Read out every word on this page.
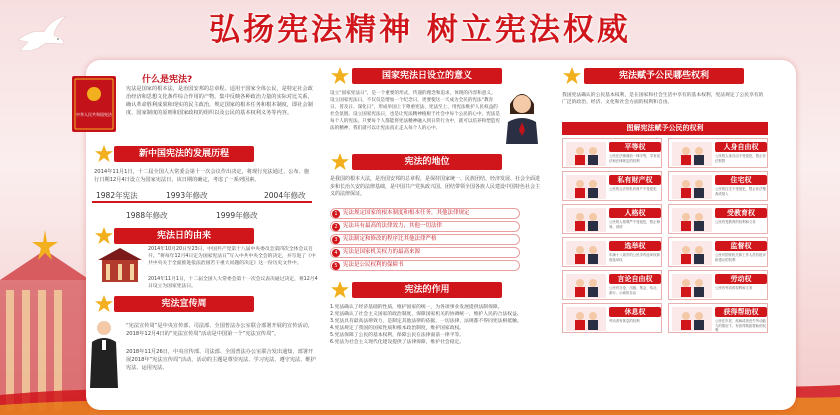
弘扬宪法精神 树立宪法权威
中华人民共和国宪法
什么是宪法?
宪法是国家的根本法，是治国安邦的总章程。适用于国家全体公民，是特定社会政治经济和思想文化条件综合作用的产物。集中反映各种政治力量的实际对比关系，确认革命胜利成果和现实的民主政治，规定国家的根本任务和根本制度，即社会制度、国家制度的原则和国家政权的组织以及公民的基本权利义务等内容。
新中国宪法的发展历程
2014年11月1日，十二届全国人大常委会第十一次会议作出决定，将现行宪法通过、公布、施行日期12月4日设立为国家宪法日，该日期的确定，考虑了一系列因素。
1982年宪法
1988年修改
1993年修改
1999年修改
2004年修改
宪法日的由来
2014年10月20日至23日，中国共产党第十八届中央委员会第四次全体会议召开。“将每年12月4日定为国家宪法日”写入中共中央全会的决定，并写进了《中共中央关于全面推进依法治国若干重大问题的决定》这一份历史文件中。
2014年11月1日，十二届全国人大常委会第十一次会议表决通过决定，将12月4日设立为国家宪法日。
宪法宣传周
“宪法宣传周”是中央宣传部、司法部、全国普法办公室联合部署开展的宣传活动，2018年12月4日的“宪法宣传周”活动是中国第一个“宪法宣传周”。
2018年11月26日，中央宣传部、司法部、全国普法办公室联合发出通知，部署开展2018年“宪法宣传周”活动，活动的主题是尊崇宪法、学习宪法、遵守宪法、维护宪法、运用宪法。
国家宪法日设立的意义
设立“国家宪法日”，是一个重要的形式，传递的理念和追求，体现的内容和意义。设立国家宪法日，不仅仅是增加一个纪念日，更要使这一天成为全民的宪法“教育日、普及日、深化日”，形成举国上下尊重宪法、宪法至上、用宪法维护人民权益的社会氛围。设立国家宪法日，也是让宪法精神植根于社会中每个公民的心中。宪法是每个人的宪法。只要每个人都能将宪法精神融入到日常行为中，就可以培养和塑造宪法的精神，我们就可以让宪法真正走入每个人的心中。
宪法的地位
是我国的根本大法，是治国安邦的总章程，是保持国家统一、民族团结、经济发展、社会全面进步和长治久安的法律基础，是中国共产党执政兴国、团结带领全国各族人民建设中国特色社会主义的法律保证。
1 宪法规定国家的根本制度和根本任务，其他法律规定
2 宪法具有最高的法律效力，其他一切法律
3 宪法制定和修改的程序比其他法律严格
4 宪法是国家机关权力的最高来源
5 宪法是公民权利的保障书
宪法的作用
1.宪法确认了经济基础的性质，维护国家的统一，为各项事业发展提供法制保障。
2.宪法确认了社会主义国家的政治制度，保障国家机关的协调统一，维护人民的合法权益。
3.宪法具有最高法律效力，是制定其他法律的依据，一切法律、法规都不得同宪法相抵触。
4.宪法规定了我国的国家性质和根本政治制度，维护国家政权。
5.宪法保障了公民的基本权利，保障公民在法律面前一律平等。
6.宪法为社会主义现代化建设提供了法律保障，维护社会稳定。
宪法赋予公民哪些权利
我国宪法确认的公民基本权利，是在国家和社会生活中享有的基本权利，宪法规定了公民享有的广泛的政治、经济、文化和社会方面的权利和自由。
图解宪法赋予公民的权利
平等权
公民在法律面前一律平等，享有宪法和法律规定的权利
人身自由权
公民的人身自由不受侵犯，禁止非法拘禁
私有财产权
公民的合法的私有财产不受侵犯
住宅权
公民的住宅不受侵犯，禁止非法搜查或侵入
人格权
公民的人格尊严不受侵犯，禁止侮辱、诽谤
受教育权
公民有受教育的权利和义务
选举权
年满十八周岁的公民享有选举权和被选举权
监督权
公民对国家机关和工作人员有批评和建议的权利
言论自由权
公民有言论、出版、集会、结社、游行、示威的自由
劳动权
公民有劳动的权利和义务
休息权
劳动者有休息的权利
获得帮助权
公民在年老、疾病或者丧失劳动能力的情况下，有获得物质帮助的权利
